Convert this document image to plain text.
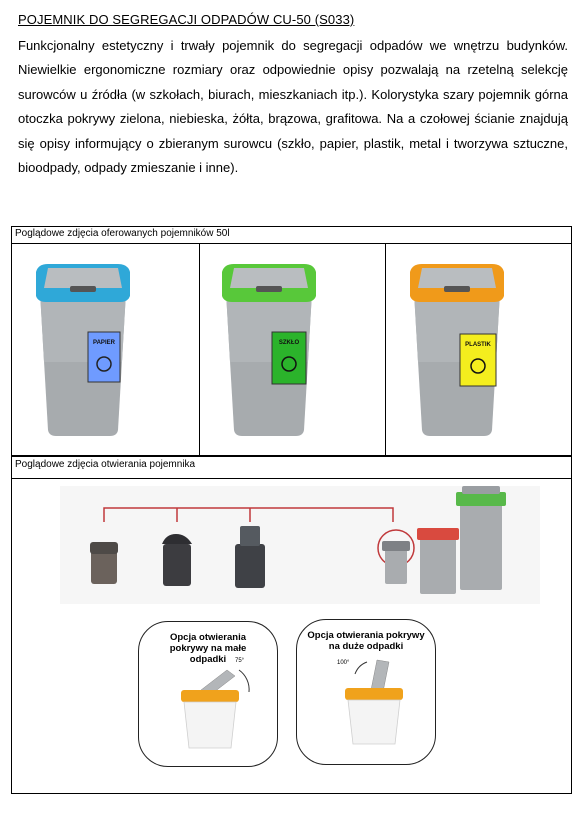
POJEMNIK DO SEGREGACJI ODPADÓW CU-50 (S033)
Funkcjonalny estetyczny i trwały pojemnik do segregacji odpadów we wnętrzu budynków. Niewielkie ergonomiczne rozmiary oraz odpowiednie opisy pozwalają na rzetelną selekcję surowców u źródła (w szkołach, biurach, mieszkaniach itp.). Kolorystyka szary pojemnik górna otoczka pokrywy zielona, niebieska, żółta, brązowa, grafitowa. Na a czołowej ścianie znajdują się opisy informujący o zbieranym surowcu (szkło, papier, plastik, metal i tworzywa sztuczne, bioodpady, odpady zmieszanie i inne).
Poglądowe zdjęcia oferowanych pojemników 50l
PAPIER	SZKŁO	PLASTIK
Poglądowe zdjęcia otwierania pojemnika
Opcja otwierania pokrywy na małe odpadki	75°
Opcja otwierania pokrywy na duże odpadki
100°
